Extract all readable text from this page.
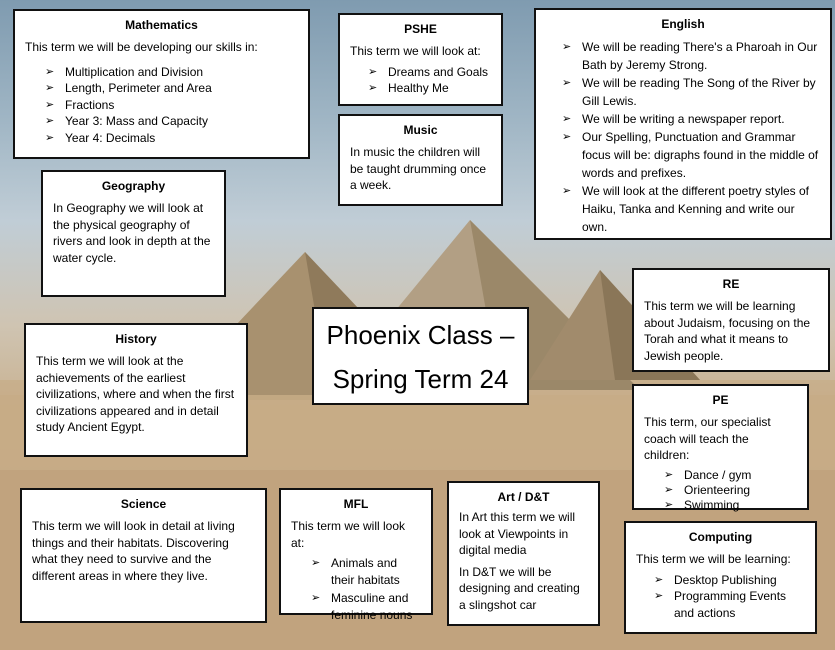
Mathematics

This term we will be developing our skills in:

➢ Multiplication and Division
➢ Length, Perimeter and Area
➢ Fractions
➢ Year 3: Mass and Capacity
➢ Year 4: Decimals
PSHE

This term we will look at:

➢ Dreams and Goals
➢ Healthy Me
Music

In music the children will be taught drumming once a week.

English
➢ We will be reading There's a Pharoah in Our Bath by Jeremy Strong.
➢ We will be reading The Song of the River by Gill Lewis.
➢ We will be writing a newspaper report.
➢ Our Spelling, Punctuation and Grammar focus will be: digraphs found in the middle of words and prefixes.
➢ We will look at the different poetry styles of Haiku, Tanka and Kenning and write our own.
Geography

In Geography we will look at the physical geography of rivers and look in depth at the water cycle.

RE

This term we will be learning about Judaism, focusing on the Torah and what it means to Jewish people.

History

This term we will look at the achievements of the earliest civilizations, where and when the first civilizations appeared and in detail study Ancient Egypt.

Phoenix Class –
Spring Term 24
PE

This term, our specialist coach will teach the children:

➢ Dance / gym
➢ Orienteering
➢ Swimming
Science

This term we will look in detail at living things and their habitats. Discovering what they need to survive and the different areas in where they live.

MFL

This term we will look at:

➢ Animals and their habitats
➢ Masculine and feminine nouns
Art / D&T

In Art this term we will look at Viewpoints in digital media

In D&T we will be designing and creating a slingshot car

Computing

This term we will be learning:

➢ Desktop Publishing
➢ Programming Events and actions
